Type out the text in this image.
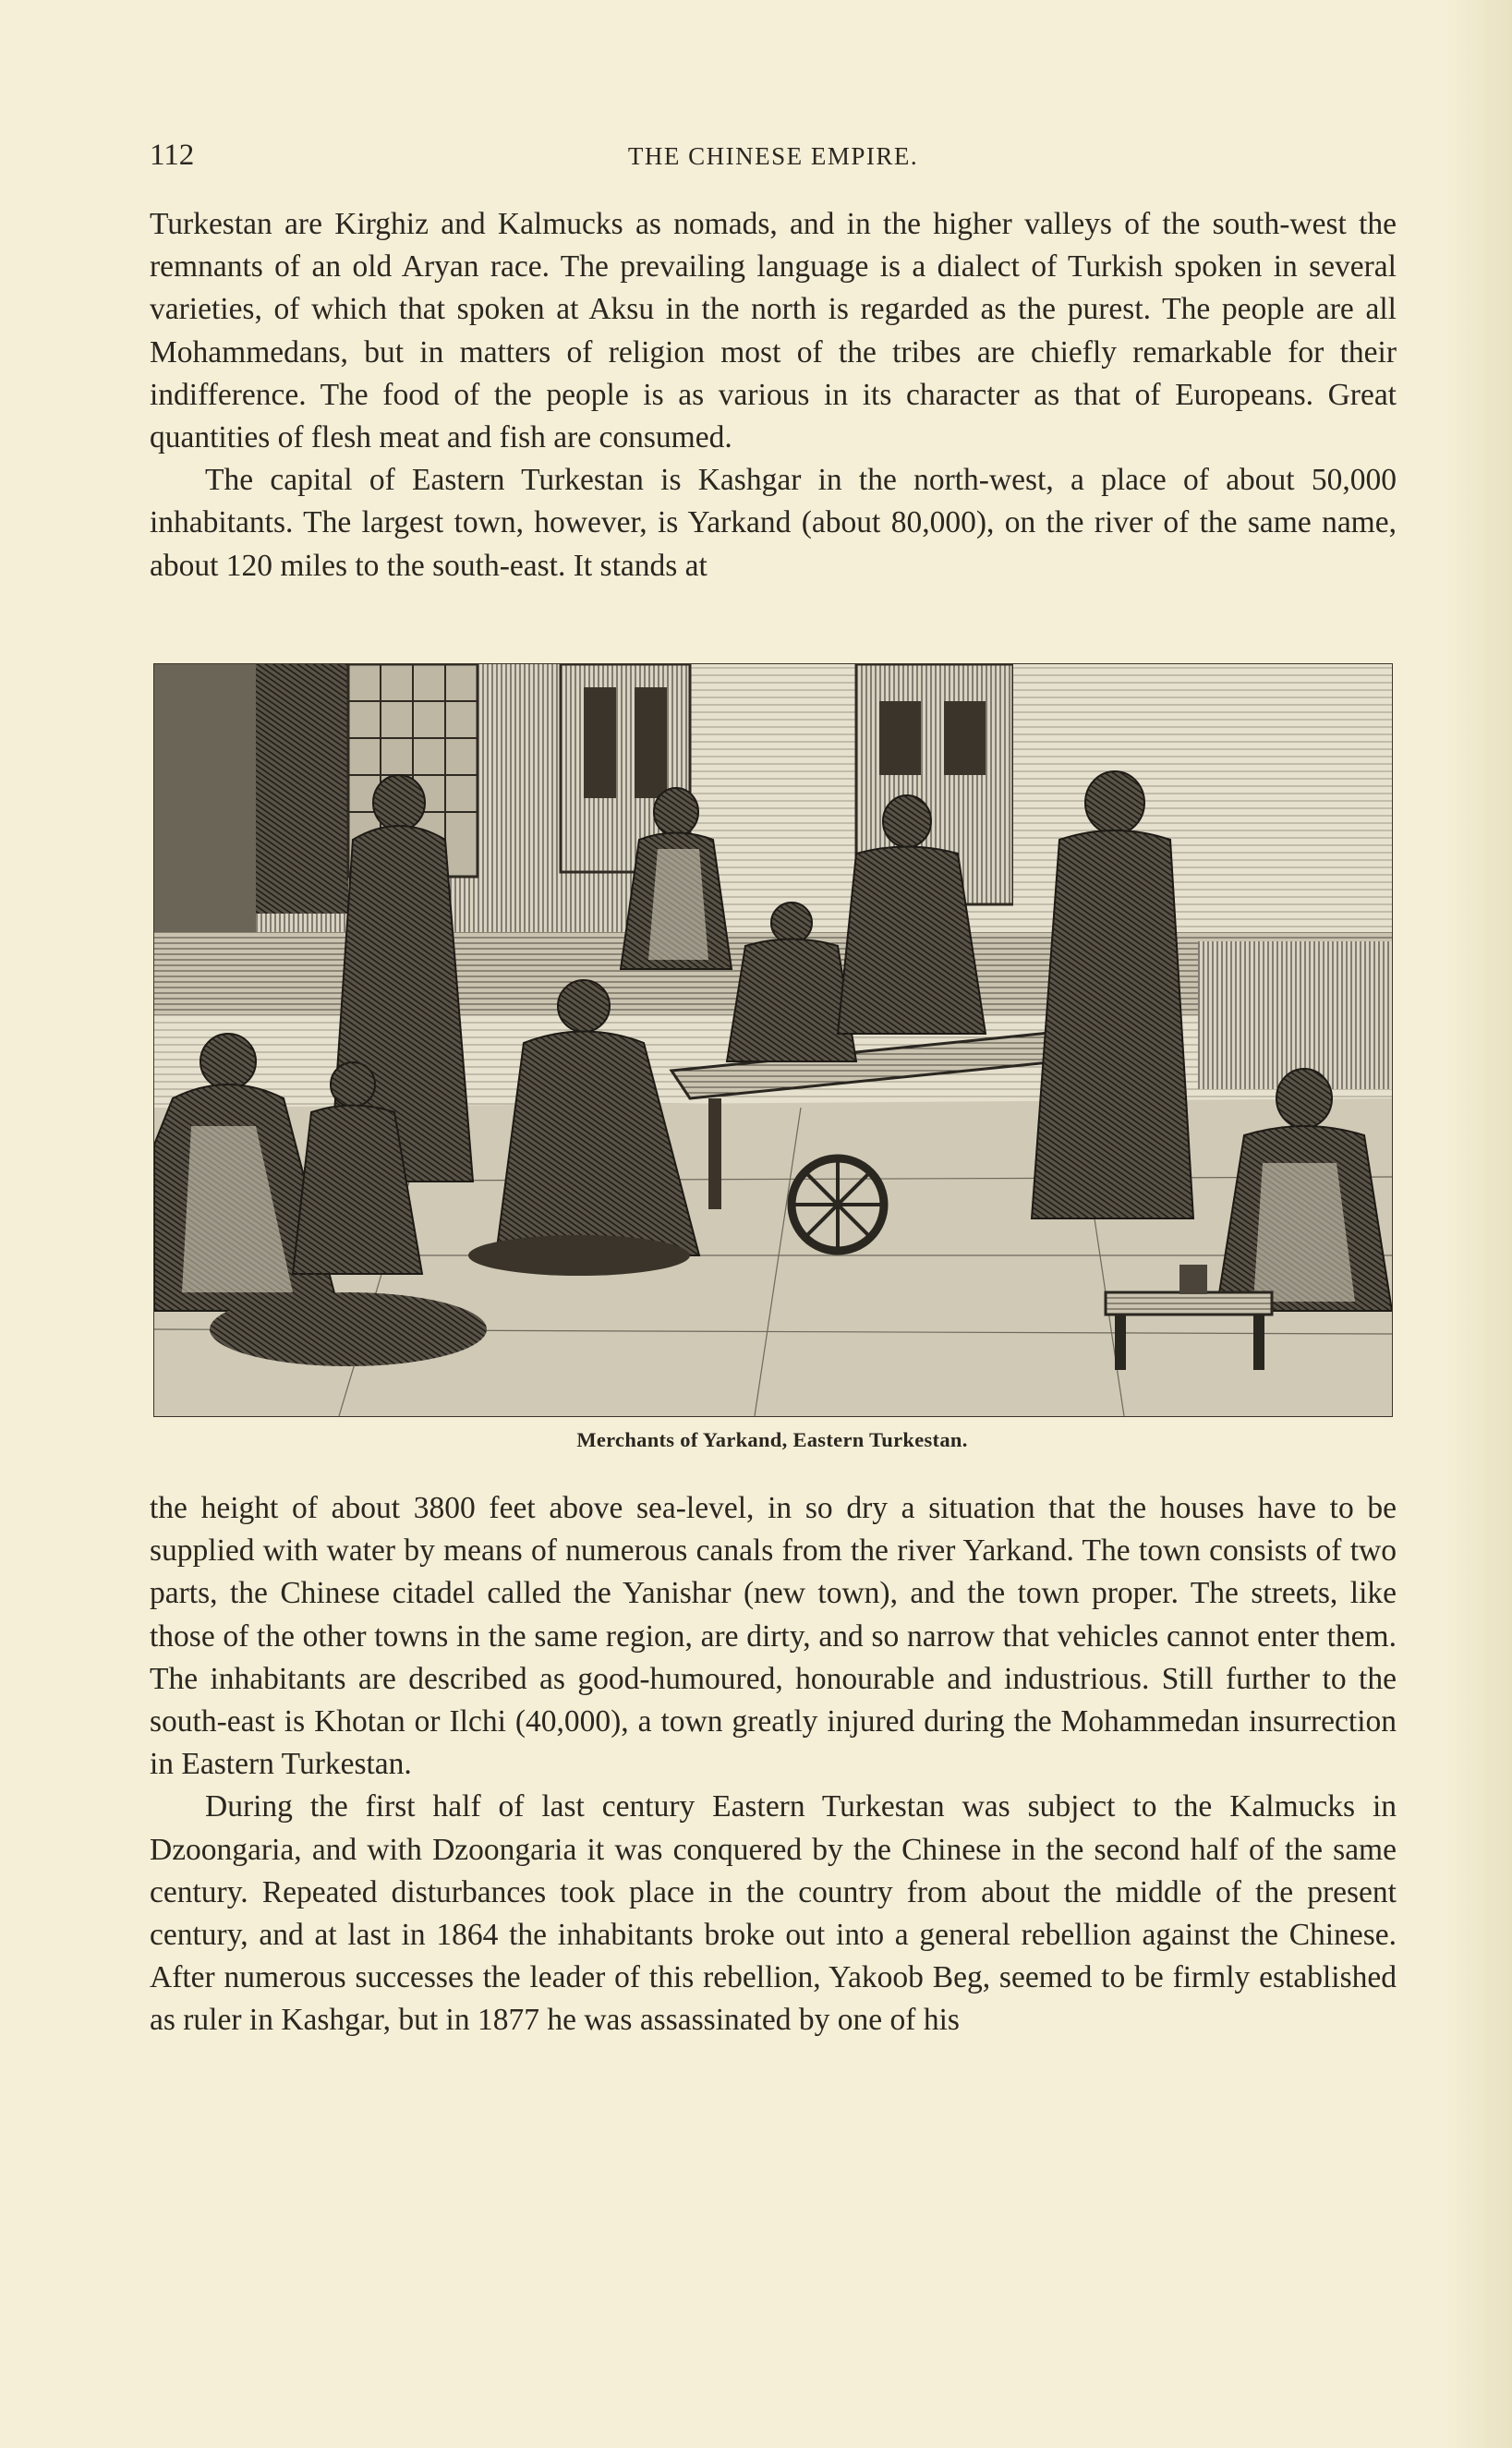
112	THE CHINESE EMPIRE.

Turkestan are Kirghiz and Kalmucks as nomads, and in the higher valleys of the south-west the remnants of an old Aryan race. The prevailing language is a dialect of Turkish spoken in several varieties, of which that spoken at Aksu in the north is regarded as the purest. The people are all Mohammedans, but in matters of religion most of the tribes are chiefly remarkable for their indifference. The food of the people is as various in its character as that of Europeans. Great quantities of flesh meat and fish are consumed.

The capital of Eastern Turkestan is Kashgar in the north-west, a place of about 50,000 inhabitants. The largest town, however, is Yarkand (about 80,000), on the river of the same name, about 120 miles to the south-east. It stands at

Merchants of Yarkand, Eastern Turkestan.

the height of about 3800 feet above sea-level, in so dry a situation that the houses have to be supplied with water by means of numerous canals from the river Yarkand. The town consists of two parts, the Chinese citadel called the Yanishar (new town), and the town proper. The streets, like those of the other towns in the same region, are dirty, and so narrow that vehicles cannot enter them. The inhabitants are described as good-humoured, honourable and industrious. Still further to the south-east is Khotan or Ilchi (40,000), a town greatly injured during the Mohammedan insurrection in Eastern Turkestan.

During the first half of last century Eastern Turkestan was subject to the Kalmucks in Dzoongaria, and with Dzoongaria it was conquered by the Chinese in the second half of the same century. Repeated disturbances took place in the country from about the middle of the present century, and at last in 1864 the inhabitants broke out into a general rebellion against the Chinese. After numerous successes the leader of this rebellion, Yakoob Beg, seemed to be firmly established as ruler in Kashgar, but in 1877 he was assassinated by one of his
